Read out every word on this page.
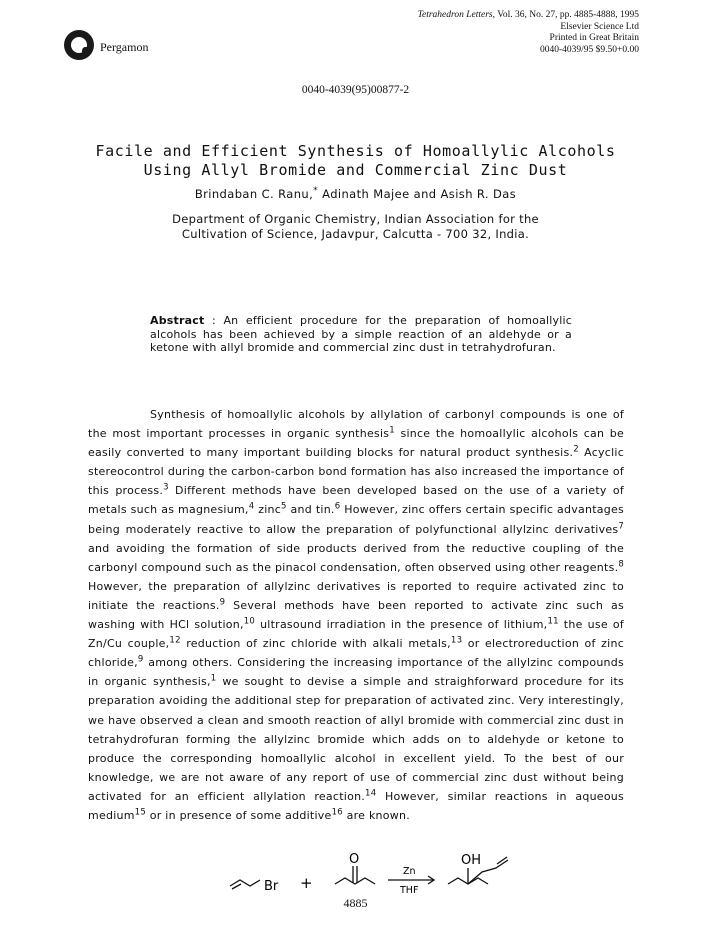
Pergamon
Tetrahedron Letters, Vol. 36, No. 27, pp. 4885-4888, 1995
Elsevier Science Ltd
Printed in Great Britain
0040-4039/95 $9.50+0.00
0040-4039(95)00877-2
Facile and Efficient Synthesis of Homoallylic Alcohols
Using Allyl Bromide and Commercial Zinc Dust
Brindaban C. Ranu,* Adinath Majee and Asish R. Das
Department of Organic Chemistry, Indian Association for the
Cultivation of Science, Jadavpur, Calcutta - 700 32, India.
Abstract : An efficient procedure for the preparation of homoallylic alcohols has been achieved by a simple reaction of an aldehyde or a ketone with allyl bromide and commercial zinc dust in tetrahydrofuran.

Synthesis of homoallylic alcohols by allylation of carbonyl compounds is one of the most important processes in organic synthesis$^1$ since the homoallylic alcohols can be easily converted to many important building blocks for natural product synthesis.$^2$ Acyclic stereocontrol during the carbon-carbon bond formation has also increased the importance of this process.$^3$ Different methods have been developed based on the use of a variety of metals such as magnesium,$^4$ zinc$^5$ and tin.$^6$ However, zinc offers certain specific advantages being moderately reactive to allow the preparation of polyfunctional allylzinc derivatives$^7$ and avoiding the formation of side products derived from the reductive coupling of the carbonyl compound such as the pinacol condensation, often observed using other reagents.$^8$ However, the preparation of allylzinc derivatives is reported to require activated zinc to initiate the reactions.$^9$ Several methods have been reported to activate zinc such as washing with HCl solution,$^{10}$ ultrasound irradiation in the presence of lithium,$^{11}$ the use of Zn/Cu couple,$^{12}$ reduction of zinc chloride with alkali metals,$^{13}$ or electroreduction of zinc chloride,$^9$ among others. Considering the increasing importance of the allylzinc compounds in organic synthesis,$^1$ we sought to devise a simple and straighforward procedure for its preparation avoiding the additional step for preparation of activated zinc. Very interestingly, we have observed a clean and smooth reaction of allyl bromide with commercial zinc dust in tetrahydrofuran forming the allylzinc bromide which adds on to aldehyde or ketone to produce the corresponding homoallylic alcohol in excellent yield. To the best of our knowledge, we are not aware of any report of use of commercial zinc dust without being activated for an efficient allylation reaction.$^{14}$ However, similar reactions in aqueous medium$^{15}$ or in presence of some additive$^{16}$ are known.

Br +
O
Zn
THF
OH
4885
